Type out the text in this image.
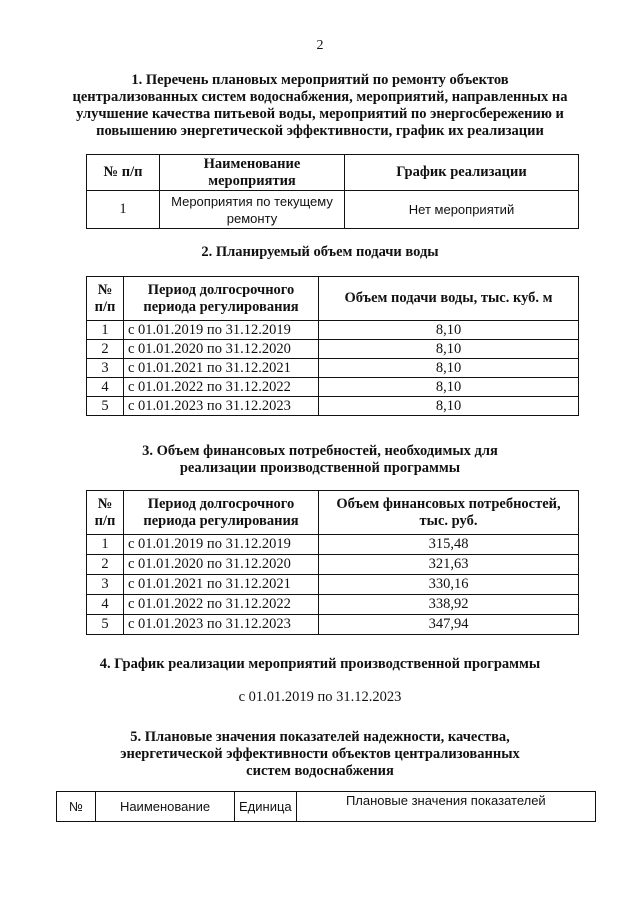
2
1. Перечень плановых мероприятий по ремонту объектов
централизованных систем водоснабжения, мероприятий, направленных на
улучшение качества питьевой воды, мероприятий по энергосбережению и
повышению энергетической эффективности, график их реализации
№ п/п	Наименование мероприятия	График реализации
1	Мероприятия по текущему ремонту	Нет мероприятий
2. Планируемый объем подачи воды
№ п/п	Период долгосрочного периода регулирования	Объем подачи воды, тыс. куб. м
1	с 01.01.2019 по 31.12.2019	8,10
2	с 01.01.2020 по 31.12.2020	8,10
3	с 01.01.2021 по 31.12.2021	8,10
4	с 01.01.2022 по 31.12.2022	8,10
5	с 01.01.2023 по 31.12.2023	8,10
3. Объем финансовых потребностей, необходимых для
реализации производственной программы
№ п/п	Период долгосрочного периода регулирования	Объем финансовых потребностей, тыс. руб.
1	с 01.01.2019 по 31.12.2019	315,48
2	с 01.01.2020 по 31.12.2020	321,63
3	с 01.01.2021 по 31.12.2021	330,16
4	с 01.01.2022 по 31.12.2022	338,92
5	с 01.01.2023 по 31.12.2023	347,94
4. График реализации мероприятий производственной программы
с 01.01.2019 по 31.12.2023
5. Плановые значения показателей надежности, качества,
энергетической эффективности объектов централизованных
систем водоснабжения
№	Наименование	Единица	Плановые значения показателей
